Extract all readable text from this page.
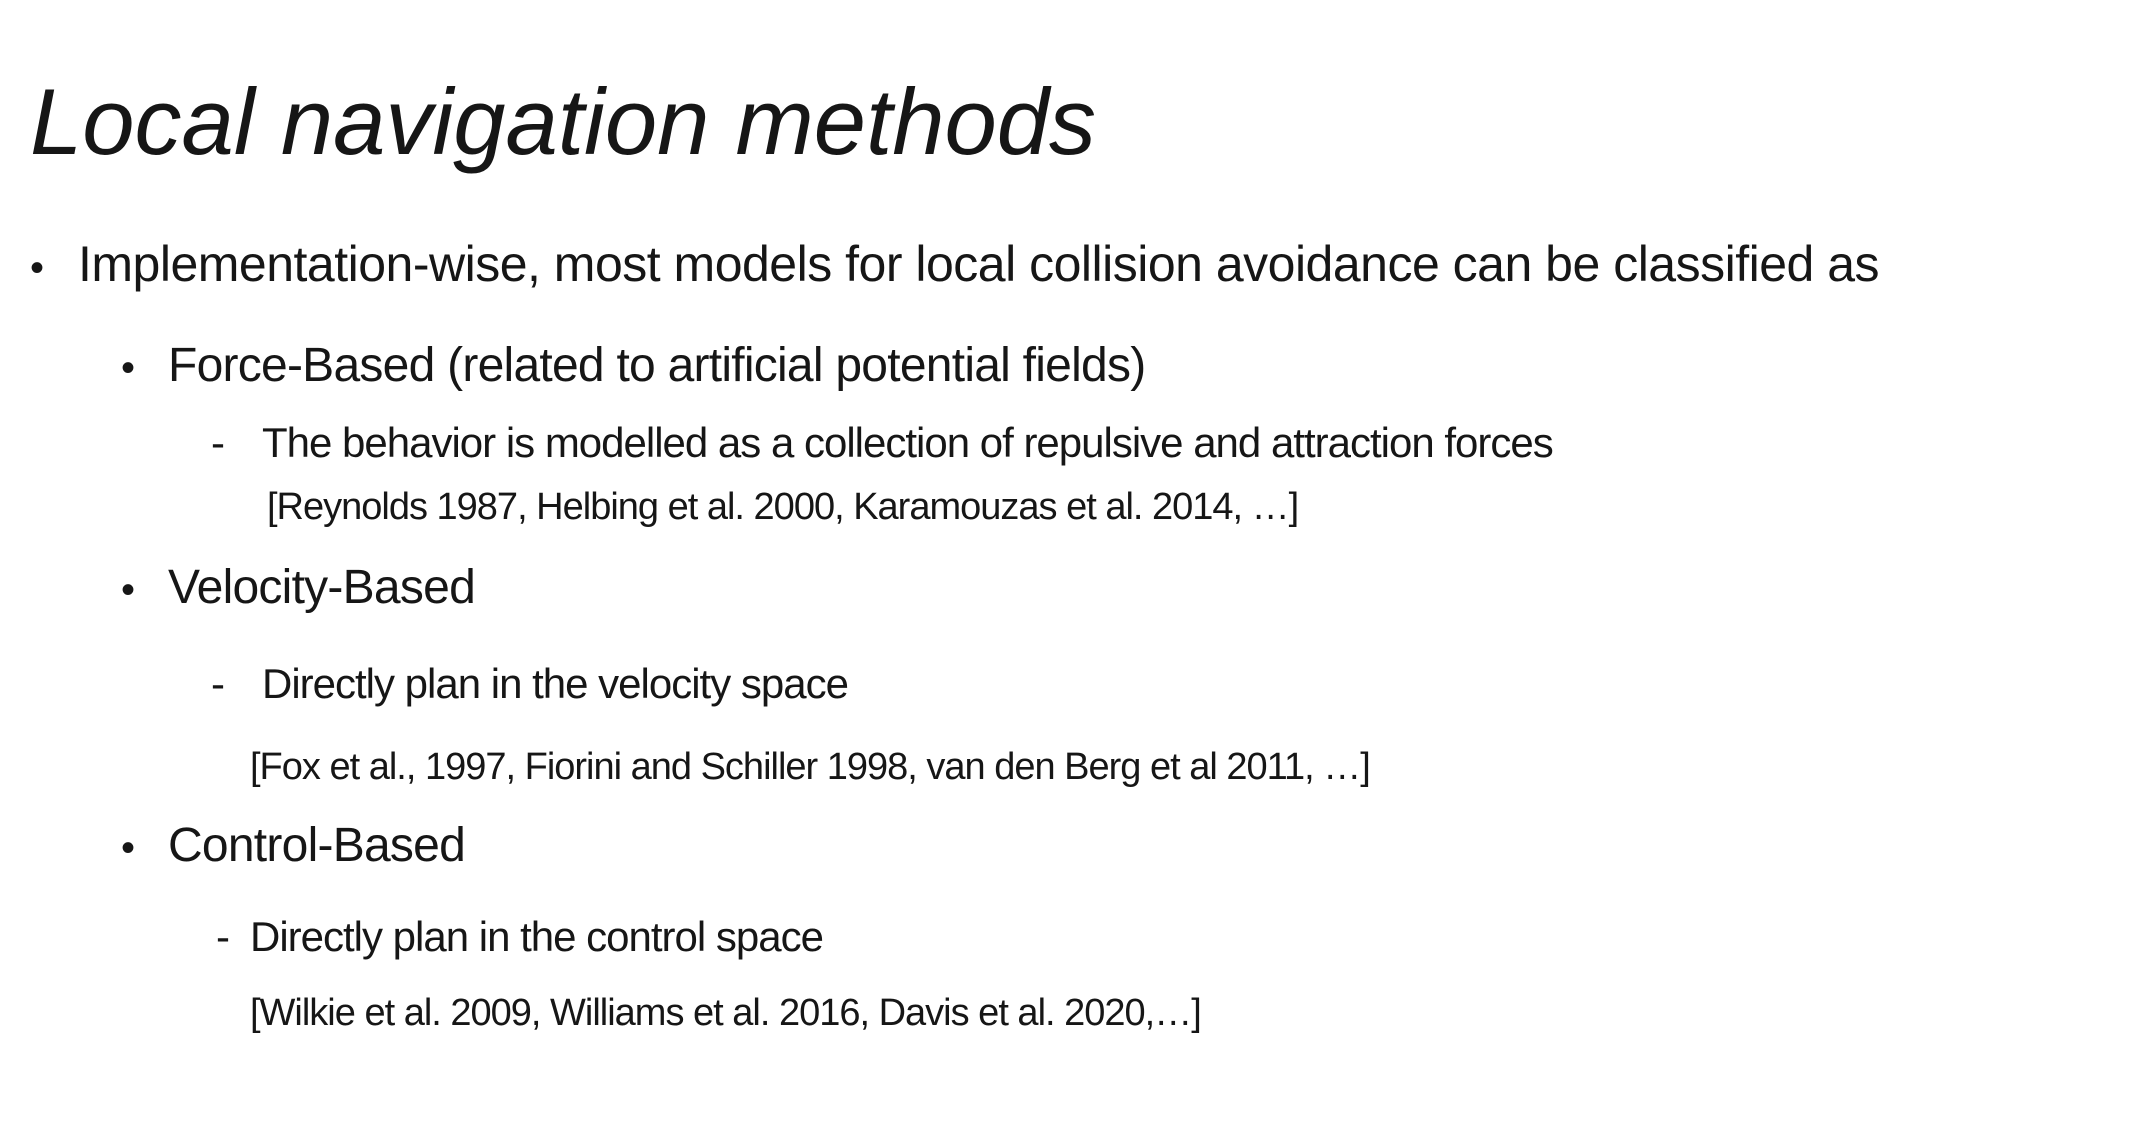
Local navigation methods
• Implementation-wise, most models for local collision avoidance can be classified as
• Force-Based (related to artificial potential fields)
- The behavior is modelled as a collection of repulsive and attraction forces
[Reynolds 1987, Helbing et al. 2000, Karamouzas et al. 2014, …]
• Velocity-Based
- Directly plan in the velocity space
[Fox et al., 1997, Fiorini and Schiller 1998, van den Berg et al 2011, …]
• Control-Based
- Directly plan in the control space
[Wilkie et al. 2009, Williams et al. 2016, Davis et al. 2020,…]
